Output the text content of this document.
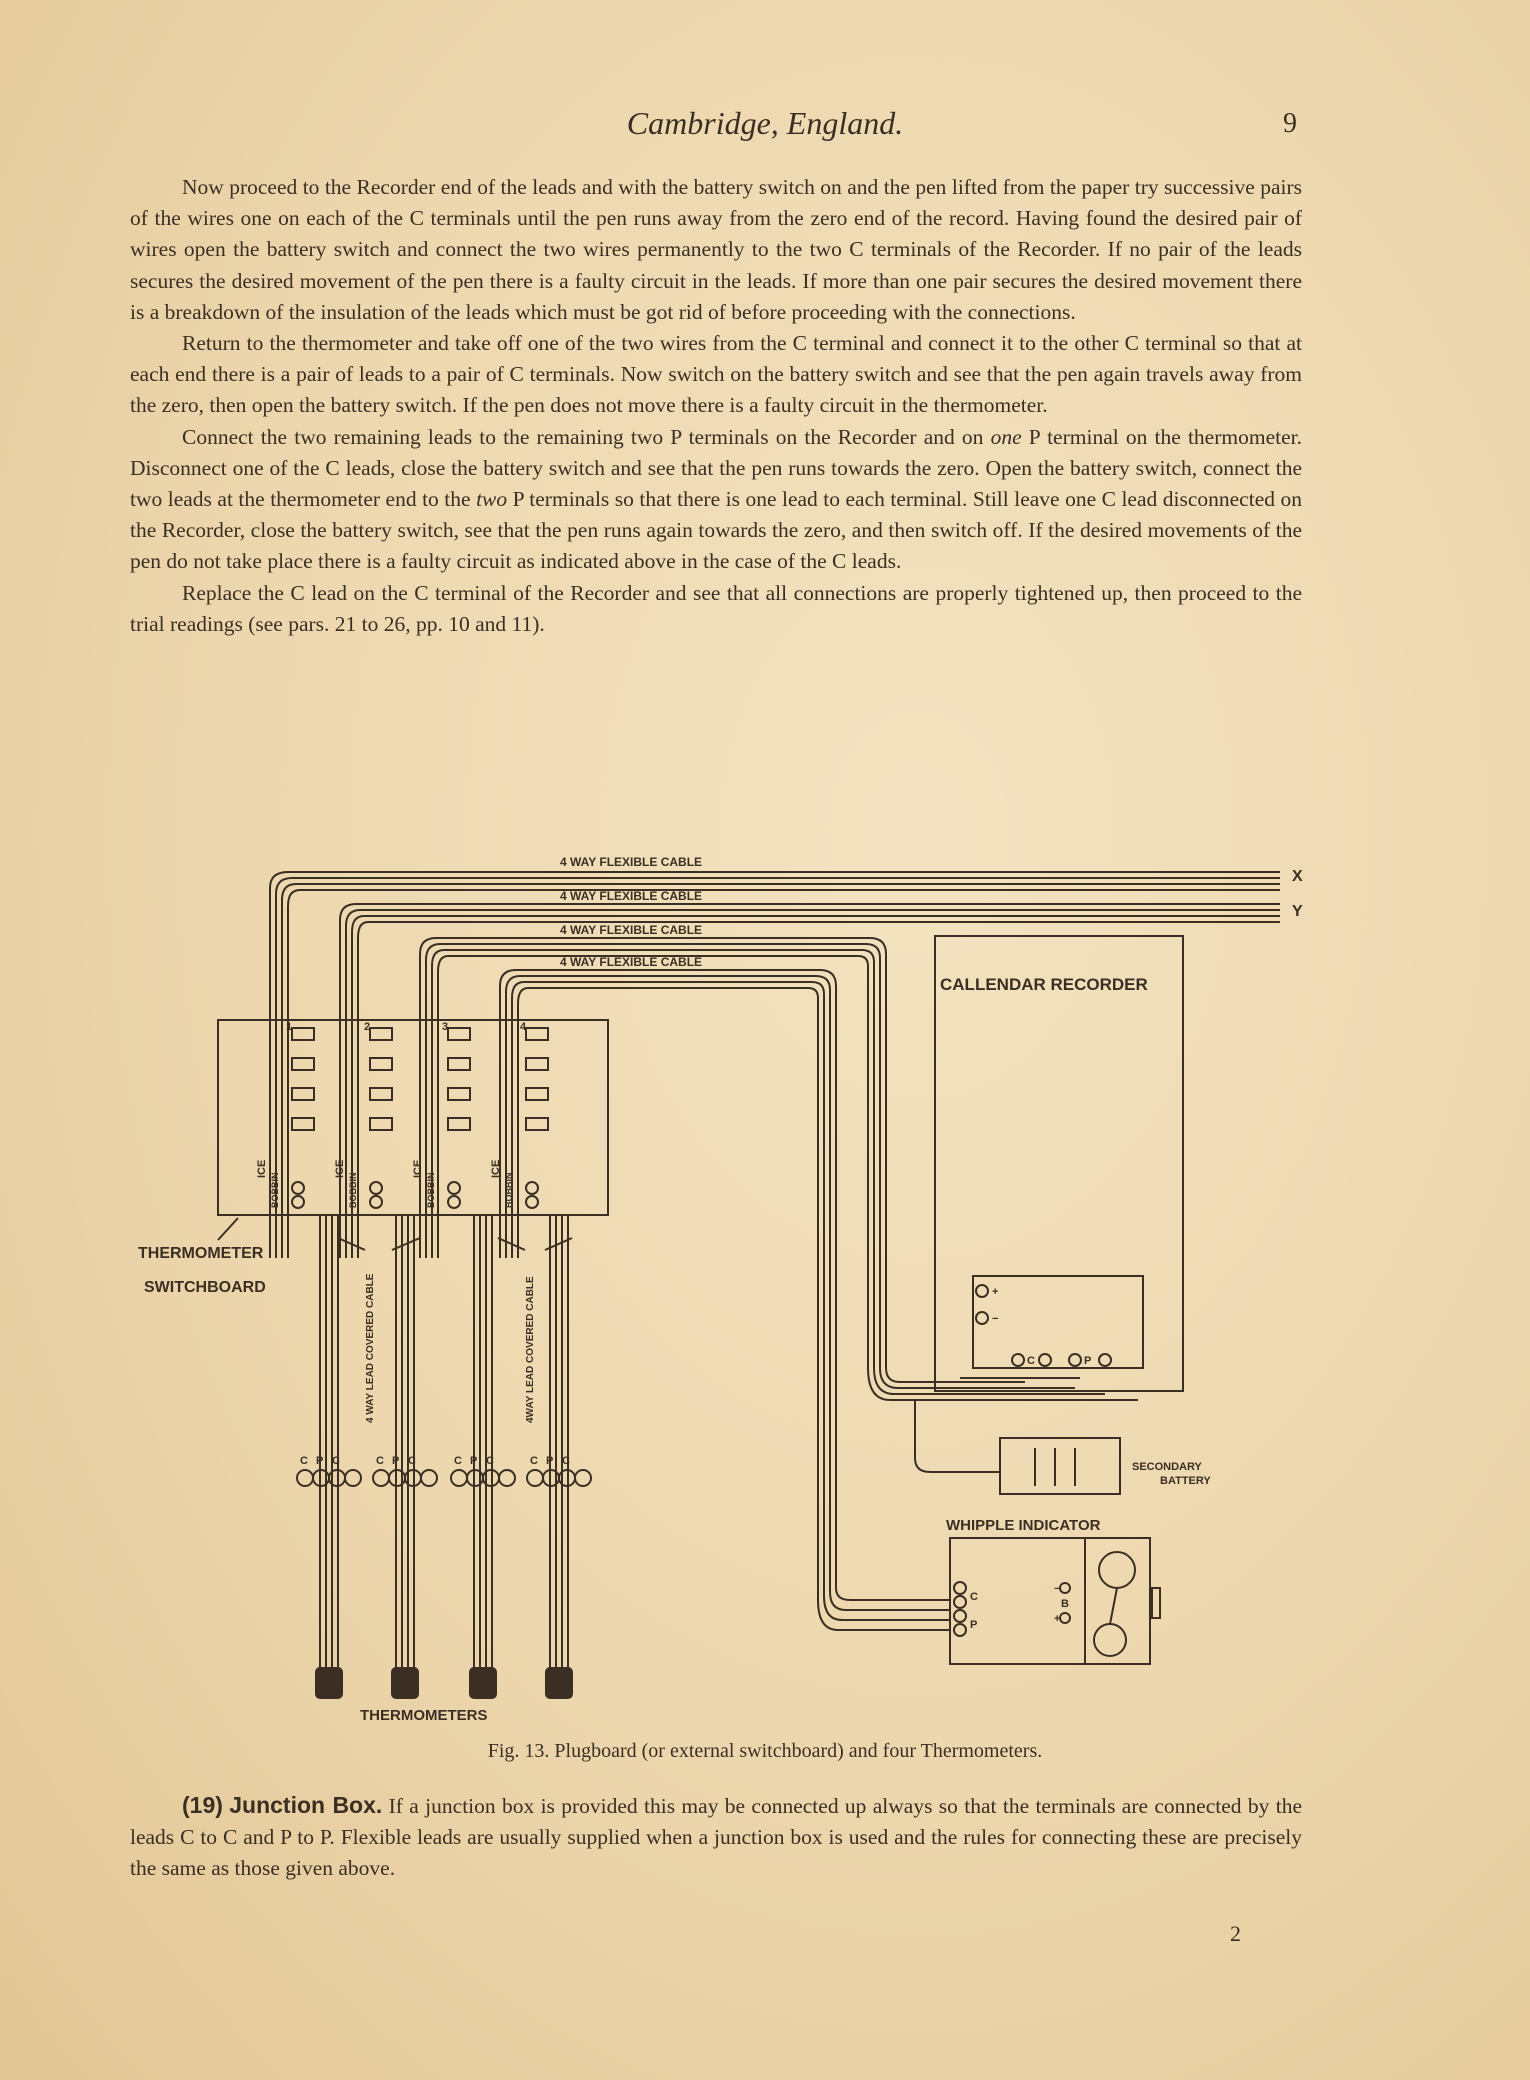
Cambridge, England.	9

Now proceed to the Recorder end of the leads and with the battery switch on and the pen lifted from the paper try successive pairs of the wires one on each of the C terminals until the pen runs away from the zero end of the record. Having found the desired pair of wires open the battery switch and connect the two wires permanently to the two C terminals of the Recorder. If no pair of the leads secures the desired movement of the pen there is a faulty circuit in the leads. If more than one pair secures the desired movement there is a breakdown of the insulation of the leads which must be got rid of before proceeding with the connections.

Return to the thermometer and take off one of the two wires from the C terminal and connect it to the other C terminal so that at each end there is a pair of leads to a pair of C terminals. Now switch on the battery switch and see that the pen again travels away from the zero, then open the battery switch. If the pen does not move there is a faulty circuit in the thermometer.

Connect the two remaining leads to the remaining two P terminals on the Recorder and on one P terminal on the thermometer. Disconnect one of the C leads, close the battery switch and see that the pen runs towards the zero. Open the battery switch, connect the two leads at the thermometer end to the two P terminals so that there is one lead to each terminal. Still leave one C lead disconnected on the Recorder, close the battery switch, see that the pen runs again towards the zero, and then switch off. If the desired movements of the pen do not take place there is a faulty circuit as indicated above in the case of the C leads.

Replace the C lead on the C terminal of the Recorder and see that all connections are properly tightened up, then proceed to the trial readings (see pars. 21 to 26, pp. 10 and 11).

4 WAY FLEXIBLE CABLE
4 WAY FLEXIBLE CABLE
4 WAY FLEXIBLE CABLE
4 WAY FLEXIBLE CABLE
X
Y
CALLENDAR RECORDER
THERMOMETER
SWITCHBOARD	4 WAY LEAD COVERED CABLE	4WAY LEAD COVERED CABLE
SECONDARY
BATTERY
WHIPPLE INDICATOR
THERMOMETERS
1	2	3	4
ICE
BOBBIN
ICE
BOBBIN
ICE
BOBBIN
ICE
BOBBIN
C P C	C P C	C P C	C P C
+
−
C	P
C
P
−
B
+
Fig. 13. Plugboard (or external switchboard) and four Thermometers.

(19) Junction Box. If a junction box is provided this may be connected up always so that the terminals are connected by the leads C to C and P to P. Flexible leads are usually supplied when a junction box is used and the rules for connecting these are precisely the same as those given above.

2
